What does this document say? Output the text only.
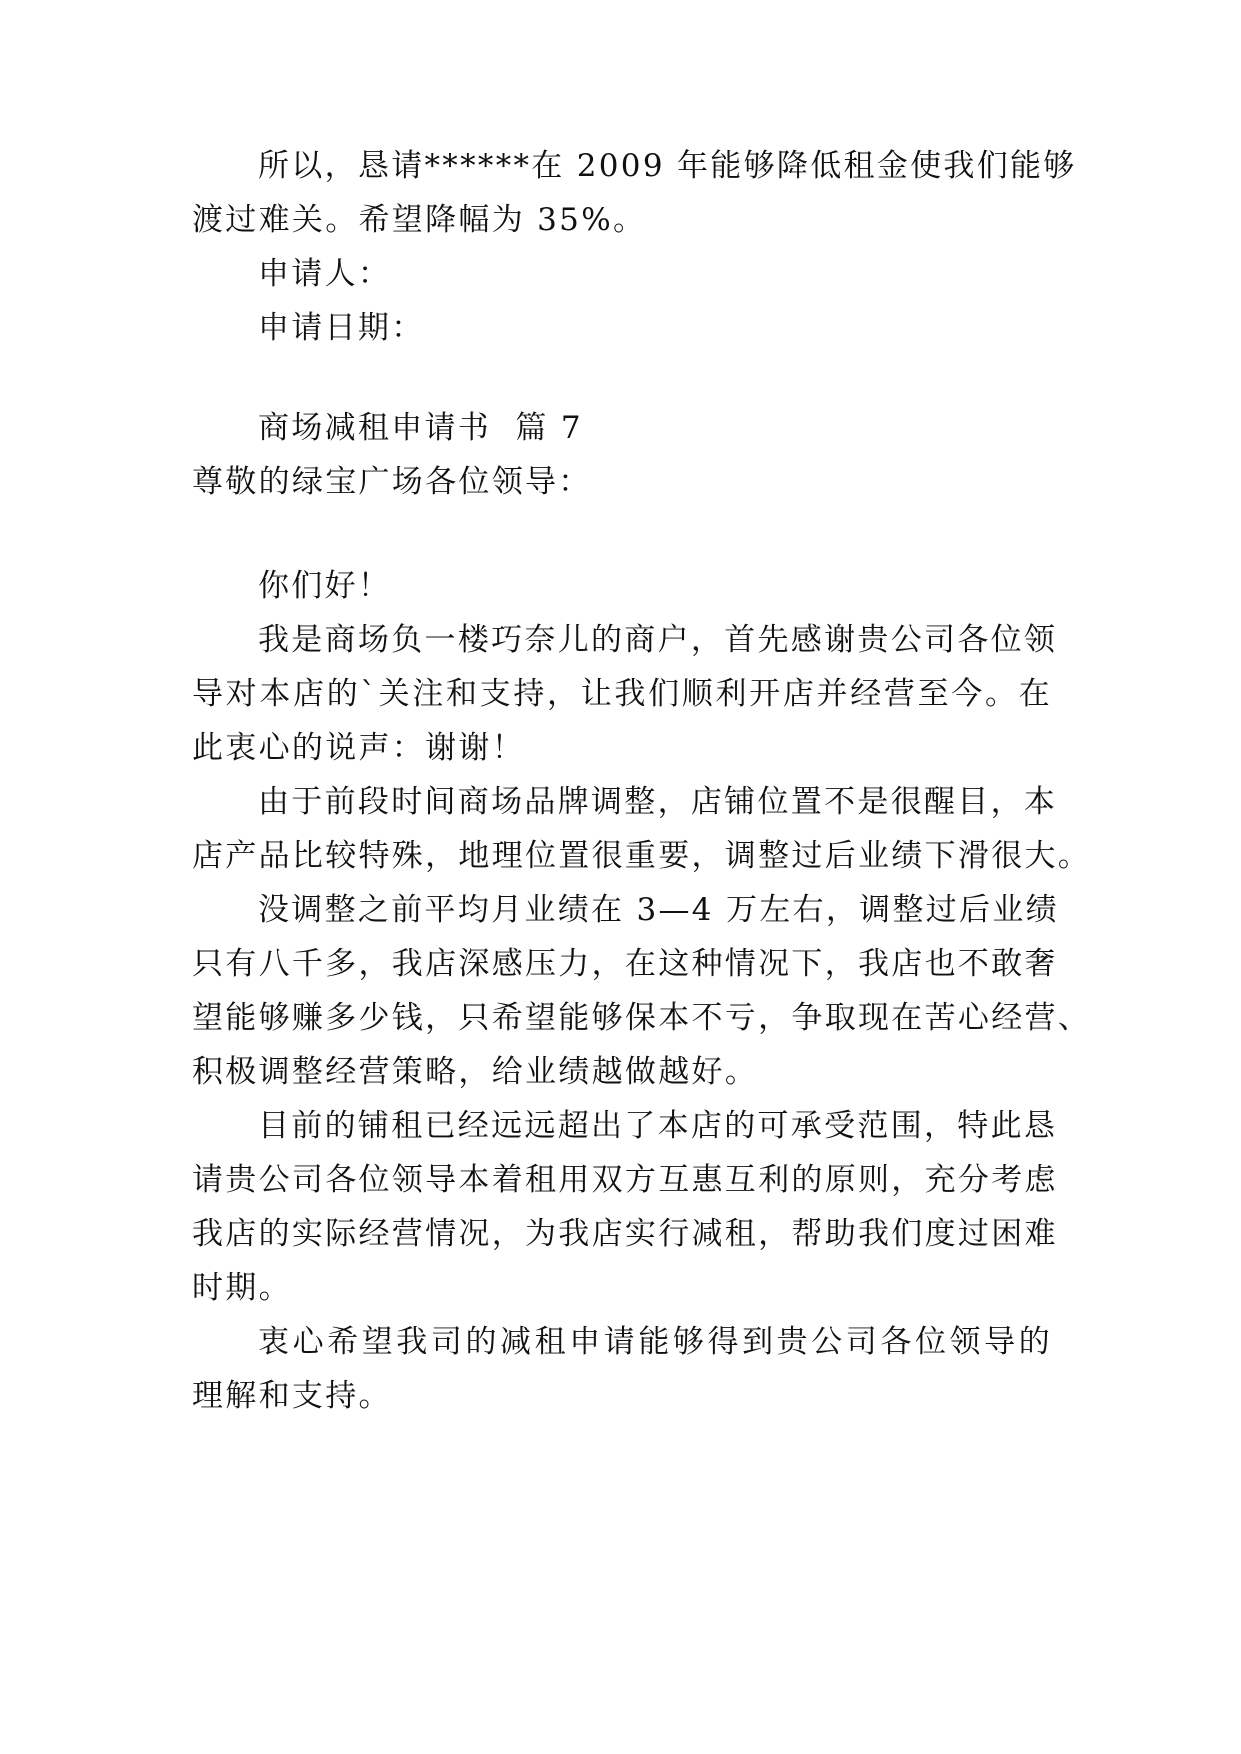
所以，恳请******在 2009 年能够降低租金使我们能够
渡过难关。希望降幅为 35%。
申请人：
申请日期：
商场减租申请书  篇 7
尊敬的绿宝广场各位领导：
你们好！
我是商场负一楼巧奈儿的商户，首先感谢贵公司各位领
导对本店的`关注和支持，让我们顺利开店并经营至今。在
此衷心的说声：谢谢！
由于前段时间商场品牌调整，店铺位置不是很醒目，本
店产品比较特殊，地理位置很重要，调整过后业绩下滑很大。
没调整之前平均月业绩在 3—4 万左右，调整过后业绩
只有八千多，我店深感压力，在这种情况下，我店也不敢奢
望能够赚多少钱，只希望能够保本不亏，争取现在苦心经营、
积极调整经营策略，给业绩越做越好。
目前的铺租已经远远超出了本店的可承受范围，特此恳
请贵公司各位领导本着租用双方互惠互利的原则，充分考虑
我店的实际经营情况，为我店实行减租，帮助我们度过困难
时期。
衷心希望我司的减租申请能够得到贵公司各位领导的
理解和支持。
